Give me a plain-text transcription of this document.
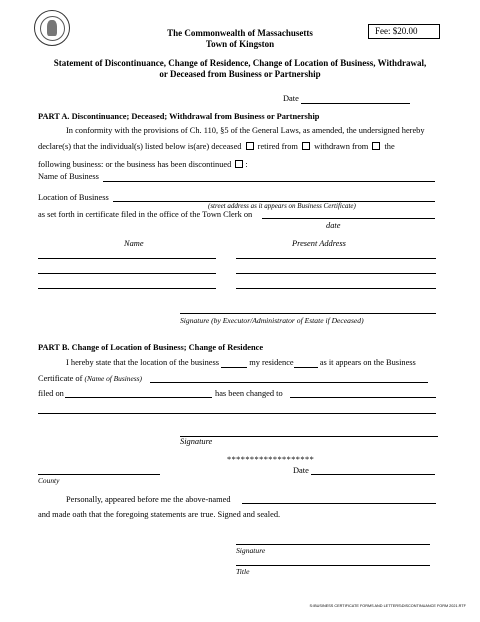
The Commonwealth of Massachusetts
Town of Kingston
Fee: $20.00
Statement of Discontinuance, Change of Residence, Change of Location of Business, Withdrawal,
or Deceased from Business or Partnership
Date
PART A. Discontinuance; Deceased; Withdrawal from Business or Partnership
In conformity with the provisions of Ch. 110, §5 of the General Laws, as amended, the undersigned hereby
declare(s) that the individual(s) listed below is(are) deceased retired from withdrawn from the
following business: or the business has been discontinued :
Name of Business
Location of Business
(street address as it appears on Business Certificate)
as set forth in certificate filed in the office of the Town Clerk on
date
Name	Present Address
Signature (by Executor/Administrator of Estate if Deceased)
PART B. Change of Location of Business; Change of Residence
I hereby state that the location of the business	my residence	as it appears on the Business
Certificate of (Name of Business)
filed on	has been changed to
Signature
*******************
County
Date
Personally, appeared before me the above-named
and made oath that the foregoing statements are true. Signed and sealed.
Signature
Title
S:\BUSINESS CERTIFICATE FORMS AND LETTERS\DISCONTINUANCE FORM 2021.RTF
